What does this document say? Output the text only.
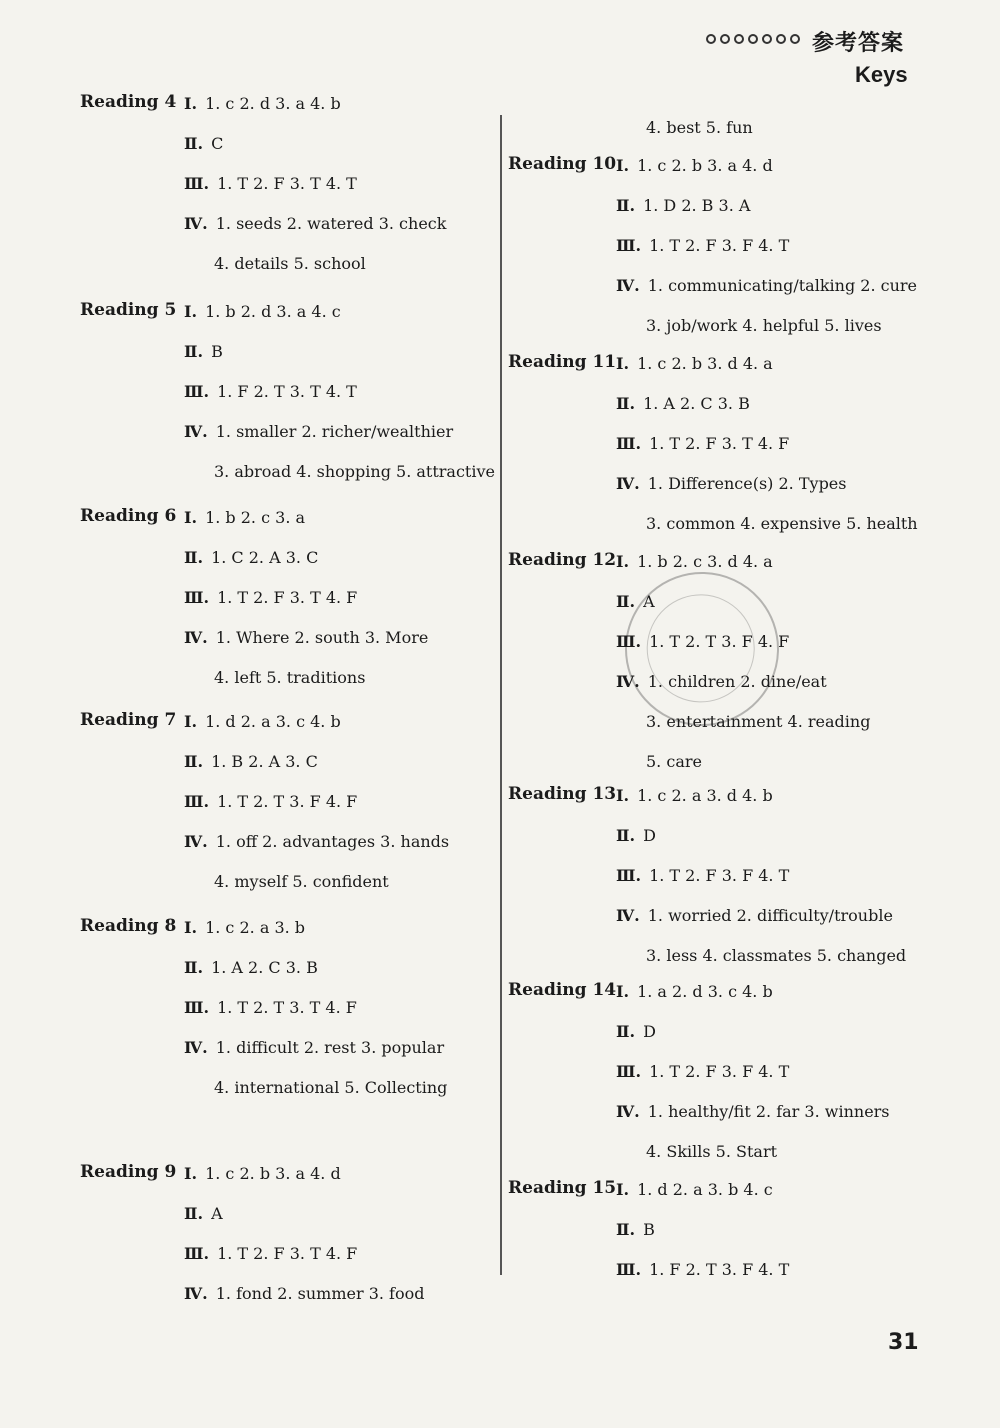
参考答案
Keys
Reading 4 Ⅰ. 1. c 2. d 3. a 4. b
Ⅱ. C
Ⅲ. 1. T 2. F 3. T 4. T
Ⅳ. 1. seeds 2. watered 3. check
4. details 5. school
Reading 5 Ⅰ. 1. b 2. d 3. a 4. c
Ⅱ. B
Ⅲ. 1. F 2. T 3. T 4. T
Ⅳ. 1. smaller 2. richer/wealthier
3. abroad 4. shopping 5. attractive
Reading 6 Ⅰ. 1. b 2. c 3. a
Ⅱ. 1. C 2. A 3. C
Ⅲ. 1. T 2. F 3. T 4. F
Ⅳ. 1. Where 2. south 3. More
4. left 5. traditions
Reading 7 Ⅰ. 1. d 2. a 3. c 4. b
Ⅱ. 1. B 2. A 3. C
Ⅲ. 1. T 2. T 3. F 4. F
Ⅳ. 1. off 2. advantages 3. hands
4. myself 5. confident
Reading 8 Ⅰ. 1. c 2. a 3. b
Ⅱ. 1. A 2. C 3. B
Ⅲ. 1. T 2. T 3. T 4. F
Ⅳ. 1. difficult 2. rest 3. popular
4. international 5. Collecting
Reading 9 Ⅰ. 1. c 2. b 3. a 4. d
Ⅱ. A
Ⅲ. 1. T 2. F 3. T 4. F
Ⅳ. 1. fond 2. summer 3. food
4. best 5. fun
Reading 10 Ⅰ. 1. c 2. b 3. a 4. d
Ⅱ. 1. D 2. B 3. A
Ⅲ. 1. T 2. F 3. F 4. T
Ⅳ. 1. communicating/talking 2. cure
3. job/work 4. helpful 5. lives
Reading 11 Ⅰ. 1. c 2. b 3. d 4. a
Ⅱ. 1. A 2. C 3. B
Ⅲ. 1. T 2. F 3. T 4. F
Ⅳ. 1. Difference(s) 2. Types
3. common 4. expensive 5. health
Reading 12 Ⅰ. 1. b 2. c 3. d 4. a
Ⅱ. A
Ⅲ. 1. T 2. T 3. F 4. F
Ⅳ. 1. children 2. dine/eat
3. entertainment 4. reading
5. care
Reading 13 Ⅰ. 1. c 2. a 3. d 4. b
Ⅱ. D
Ⅲ. 1. T 2. F 3. F 4. T
Ⅳ. 1. worried 2. difficulty/trouble
3. less 4. classmates 5. changed
Reading 14 Ⅰ. 1. a 2. d 3. c 4. b
Ⅱ. D
Ⅲ. 1. T 2. F 3. F 4. T
Ⅳ. 1. healthy/fit 2. far 3. winners
4. Skills 5. Start
Reading 15 Ⅰ. 1. d 2. a 3. b 4. c
Ⅱ. B
Ⅲ. 1. F 2. T 3. F 4. T
31
